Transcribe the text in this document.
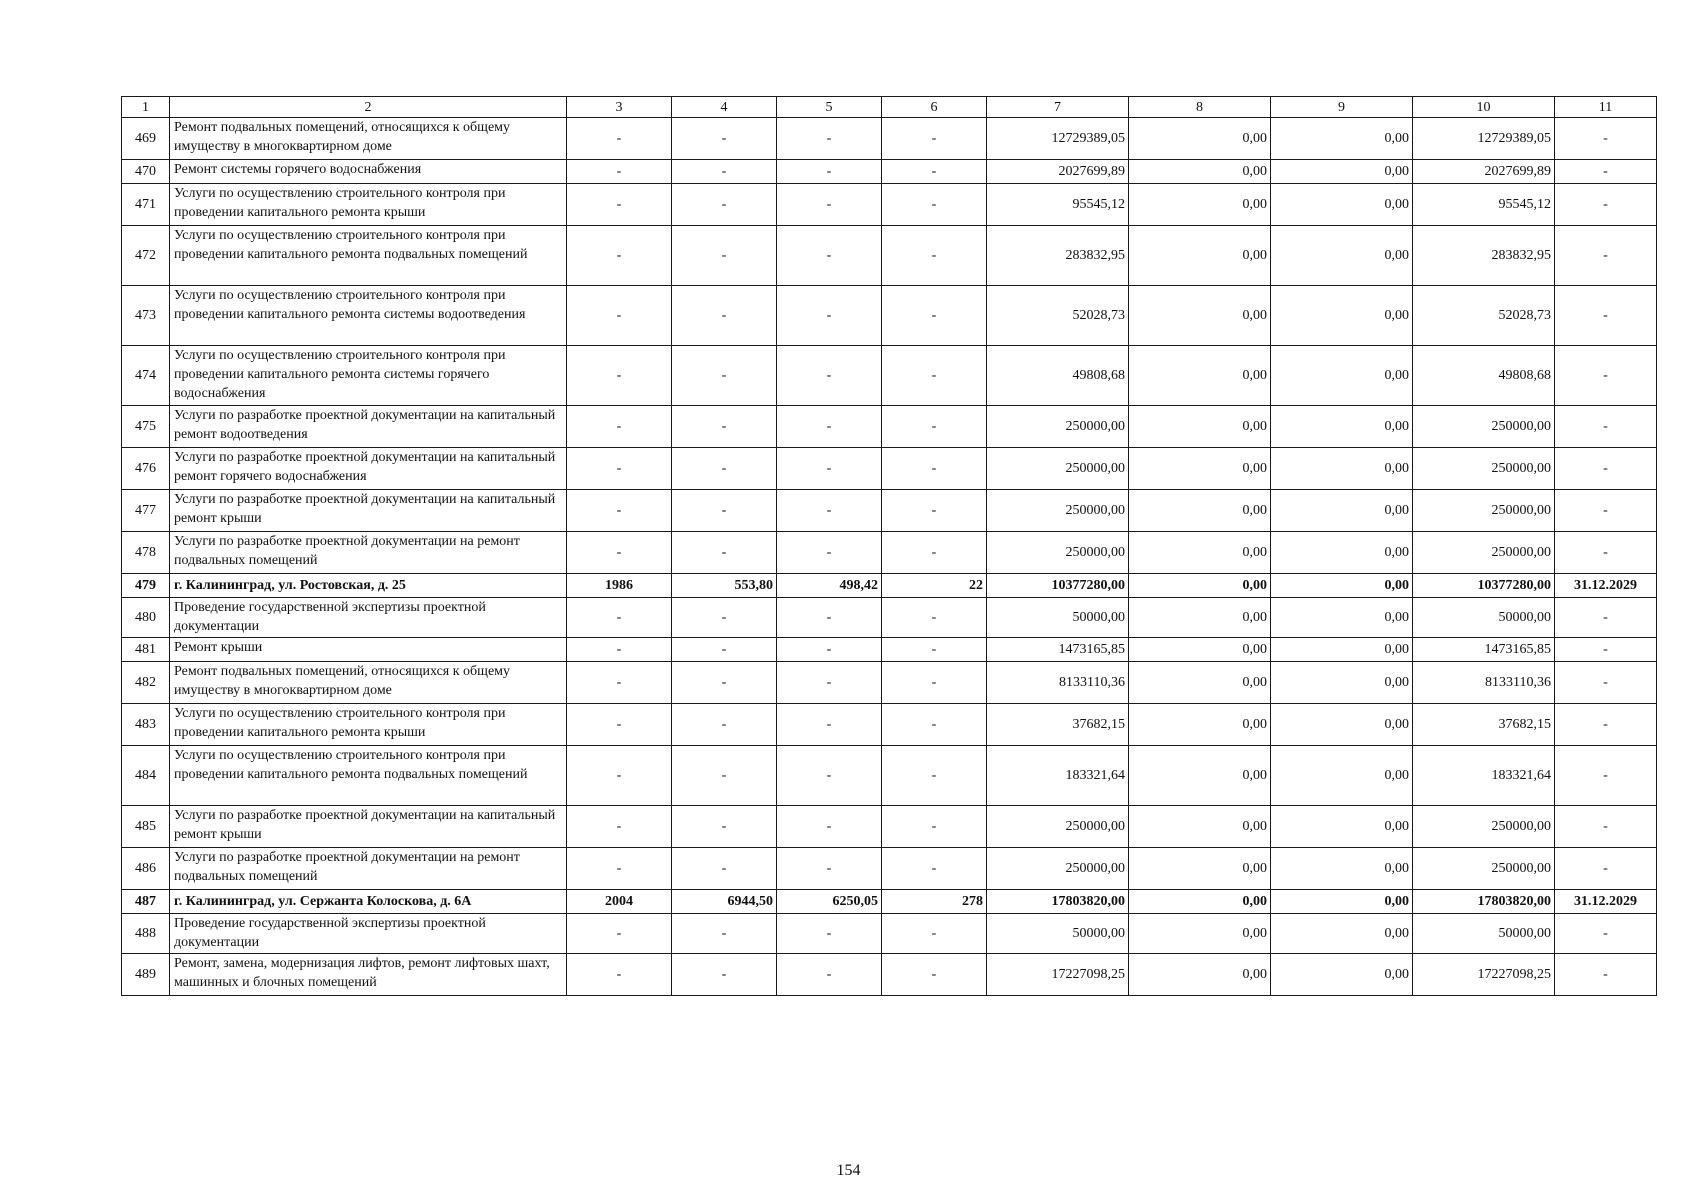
1	2	3	4	5	6	7	8	9	10	11
469	Ремонт подвальных помещений, относящихся к общему имуществу в многоквартирном доме	-	-	-	-	12729389,05	0,00	0,00	12729389,05	-
470	Ремонт системы горячего водоснабжения	-	-	-	-	2027699,89	0,00	0,00	2027699,89	-
471	Услуги по осуществлению строительного контроля при проведении капитального ремонта крыши	-	-	-	-	95545,12	0,00	0,00	95545,12	-
472	Услуги по осуществлению строительного контроля при проведении капитального ремонта подвальных помещений	-	-	-	-	283832,95	0,00	0,00	283832,95	-
473	Услуги по осуществлению строительного контроля при проведении капитального ремонта системы водоотведения	-	-	-	-	52028,73	0,00	0,00	52028,73	-
474	Услуги по осуществлению строительного контроля при проведении капитального ремонта системы горячего водоснабжения	-	-	-	-	49808,68	0,00	0,00	49808,68	-
475	Услуги по разработке проектной документации на капитальный ремонт водоотведения	-	-	-	-	250000,00	0,00	0,00	250000,00	-
476	Услуги по разработке проектной документации на капитальный ремонт горячего водоснабжения	-	-	-	-	250000,00	0,00	0,00	250000,00	-
477	Услуги по разработке проектной документации на капитальный ремонт крыши	-	-	-	-	250000,00	0,00	0,00	250000,00	-
478	Услуги по разработке проектной документации на ремонт подвальных помещений	-	-	-	-	250000,00	0,00	0,00	250000,00	-
479	г. Калининград, ул. Ростовская, д. 25	1986	553,80	498,42	22	10377280,00	0,00	0,00	10377280,00	31.12.2029
480	Проведение государственной экспертизы проектной документации	-	-	-	-	50000,00	0,00	0,00	50000,00	-
481	Ремонт крыши	-	-	-	-	1473165,85	0,00	0,00	1473165,85	-
482	Ремонт подвальных помещений, относящихся к общему имуществу в многоквартирном доме	-	-	-	-	8133110,36	0,00	0,00	8133110,36	-
483	Услуги по осуществлению строительного контроля при проведении капитального ремонта крыши	-	-	-	-	37682,15	0,00	0,00	37682,15	-
484	Услуги по осуществлению строительного контроля при проведении капитального ремонта подвальных помещений	-	-	-	-	183321,64	0,00	0,00	183321,64	-
485	Услуги по разработке проектной документации на капитальный ремонт крыши	-	-	-	-	250000,00	0,00	0,00	250000,00	-
486	Услуги по разработке проектной документации на ремонт подвальных помещений	-	-	-	-	250000,00	0,00	0,00	250000,00	-
487	г. Калининград, ул. Сержанта Колоскова, д. 6А	2004	6944,50	6250,05	278	17803820,00	0,00	0,00	17803820,00	31.12.2029
488	Проведение государственной экспертизы проектной документации	-	-	-	-	50000,00	0,00	0,00	50000,00	-
489	Ремонт, замена, модернизация лифтов, ремонт лифтовых шахт, машинных и блочных помещений	-	-	-	-	17227098,25	0,00	0,00	17227098,25	-
154
